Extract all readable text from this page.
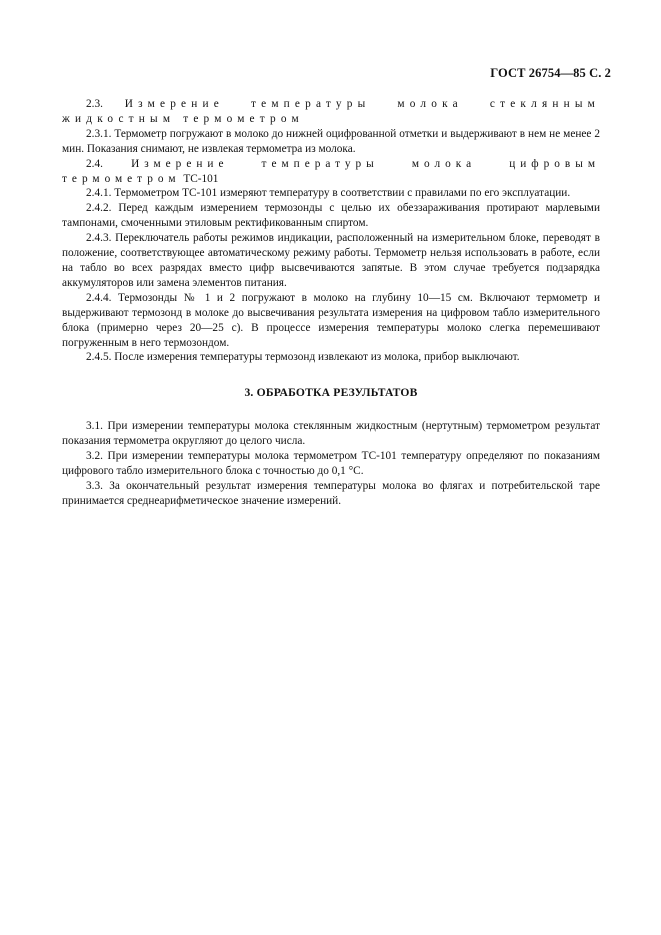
ГОСТ 26754—85 С. 2

2.3. Измерение температуры молока стеклянным жидкостным термометром

2.3.1. Термометр погружают в молоко до нижней оцифрованной отметки и выдерживают в нем не менее 2 мин. Показания снимают, не извлекая термометра из молока.

2.4. Измерение температуры молока цифровым термометром ТС-101

2.4.1. Термометром ТС-101 измеряют температуру в соответствии с правилами по его эксплуатации.

2.4.2. Перед каждым измерением термозонды с целью их обеззараживания протирают марлевыми тампонами, смоченными этиловым ректификованным спиртом.

2.4.3. Переключатель работы режимов индикации, расположенный на измерительном блоке, переводят в положение, соответствующее автоматическому режиму работы. Термометр нельзя использовать в работе, если на табло во всех разрядах вместо цифр высвечиваются запятые. В этом случае требуется подзарядка аккумуляторов или замена элементов питания.

2.4.4. Термозонды № 1 и 2 погружают в молоко на глубину 10—15 см. Включают термометр и выдерживают термозонд в молоке до высвечивания результата измерения на цифровом табло измерительного блока (примерно через 20—25 с). В процессе измерения температуры молоко слегка перемешивают погруженным в него термозондом.

2.4.5. После измерения температуры термозонд извлекают из молока, прибор выключают.

3. ОБРАБОТКА РЕЗУЛЬТАТОВ

3.1. При измерении температуры молока стеклянным жидкостным (нертутным) термометром результат показания термометра округляют до целого числа.

3.2. При измерении температуры молока термометром ТС-101 температуру определяют по показаниям цифрового табло измерительного блока с точностью до 0,1 °С.

3.3. За окончательный результат измерения температуры молока во флягах и потребительской таре принимается среднеарифметическое значение измерений.
